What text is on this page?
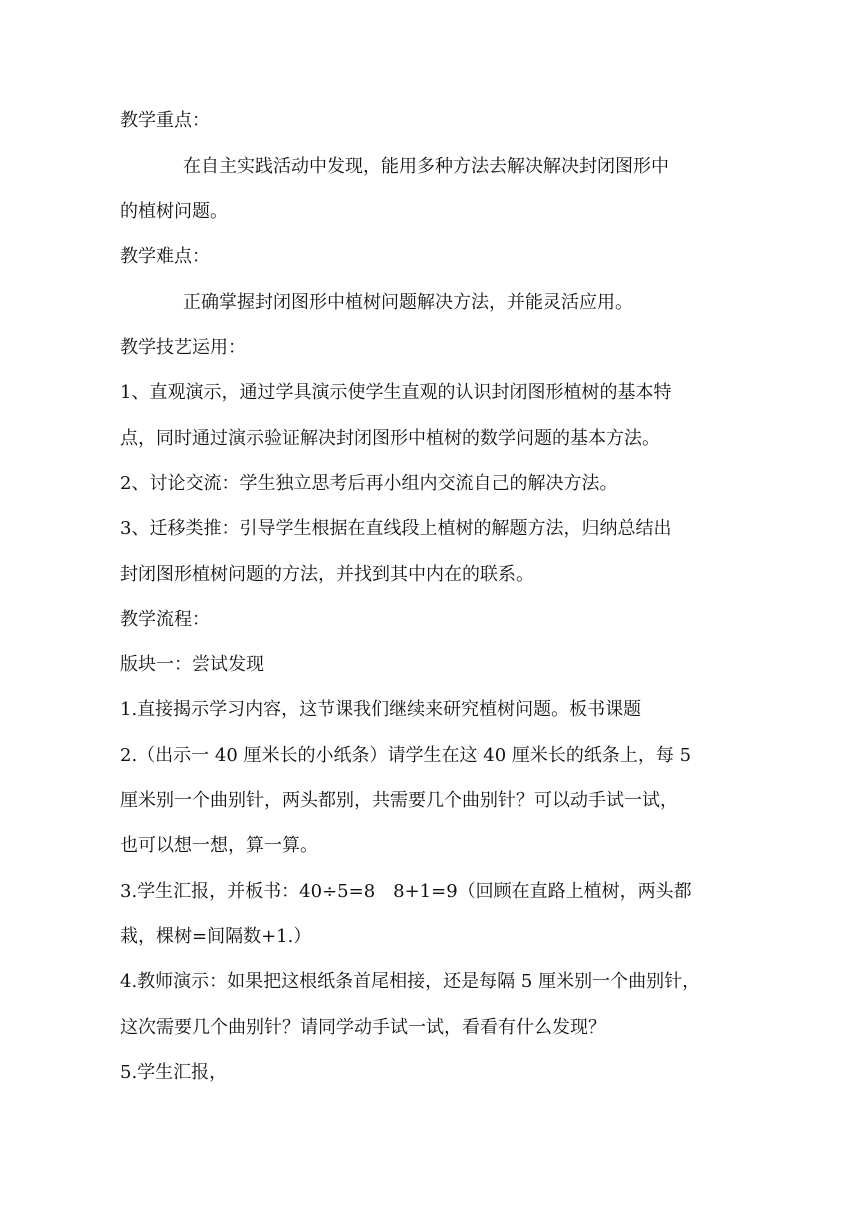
教学重点：
在自主实践活动中发现，能用多种方法去解决解决封闭图形中
的植树问题。
教学难点：
正确掌握封闭图形中植树问题解决方法，并能灵活应用。
教学技艺运用：
1、直观演示，通过学具演示使学生直观的认识封闭图形植树的基本特
点，同时通过演示验证解决封闭图形中植树的数学问题的基本方法。
2、讨论交流：学生独立思考后再小组内交流自己的解决方法。
3、迁移类推：引导学生根据在直线段上植树的解题方法，归纳总结出
封闭图形植树问题的方法，并找到其中内在的联系。
教学流程：
版块一：尝试发现
1.直接揭示学习内容，这节课我们继续来研究植树问题。板书课题
2.（出示一 40 厘米长的小纸条）请学生在这 40 厘米长的纸条上，每 5
厘米别一个曲别针，两头都别，共需要几个曲别针？可以动手试一试，
也可以想一想，算一算。
3.学生汇报，并板书：40÷5=8　8+1=9（回顾在直路上植树，两头都
栽，棵树=间隔数+1.）
4.教师演示：如果把这根纸条首尾相接，还是每隔 5 厘米别一个曲别针，
这次需要几个曲别针？请同学动手试一试，看看有什么发现？
5.学生汇报，
